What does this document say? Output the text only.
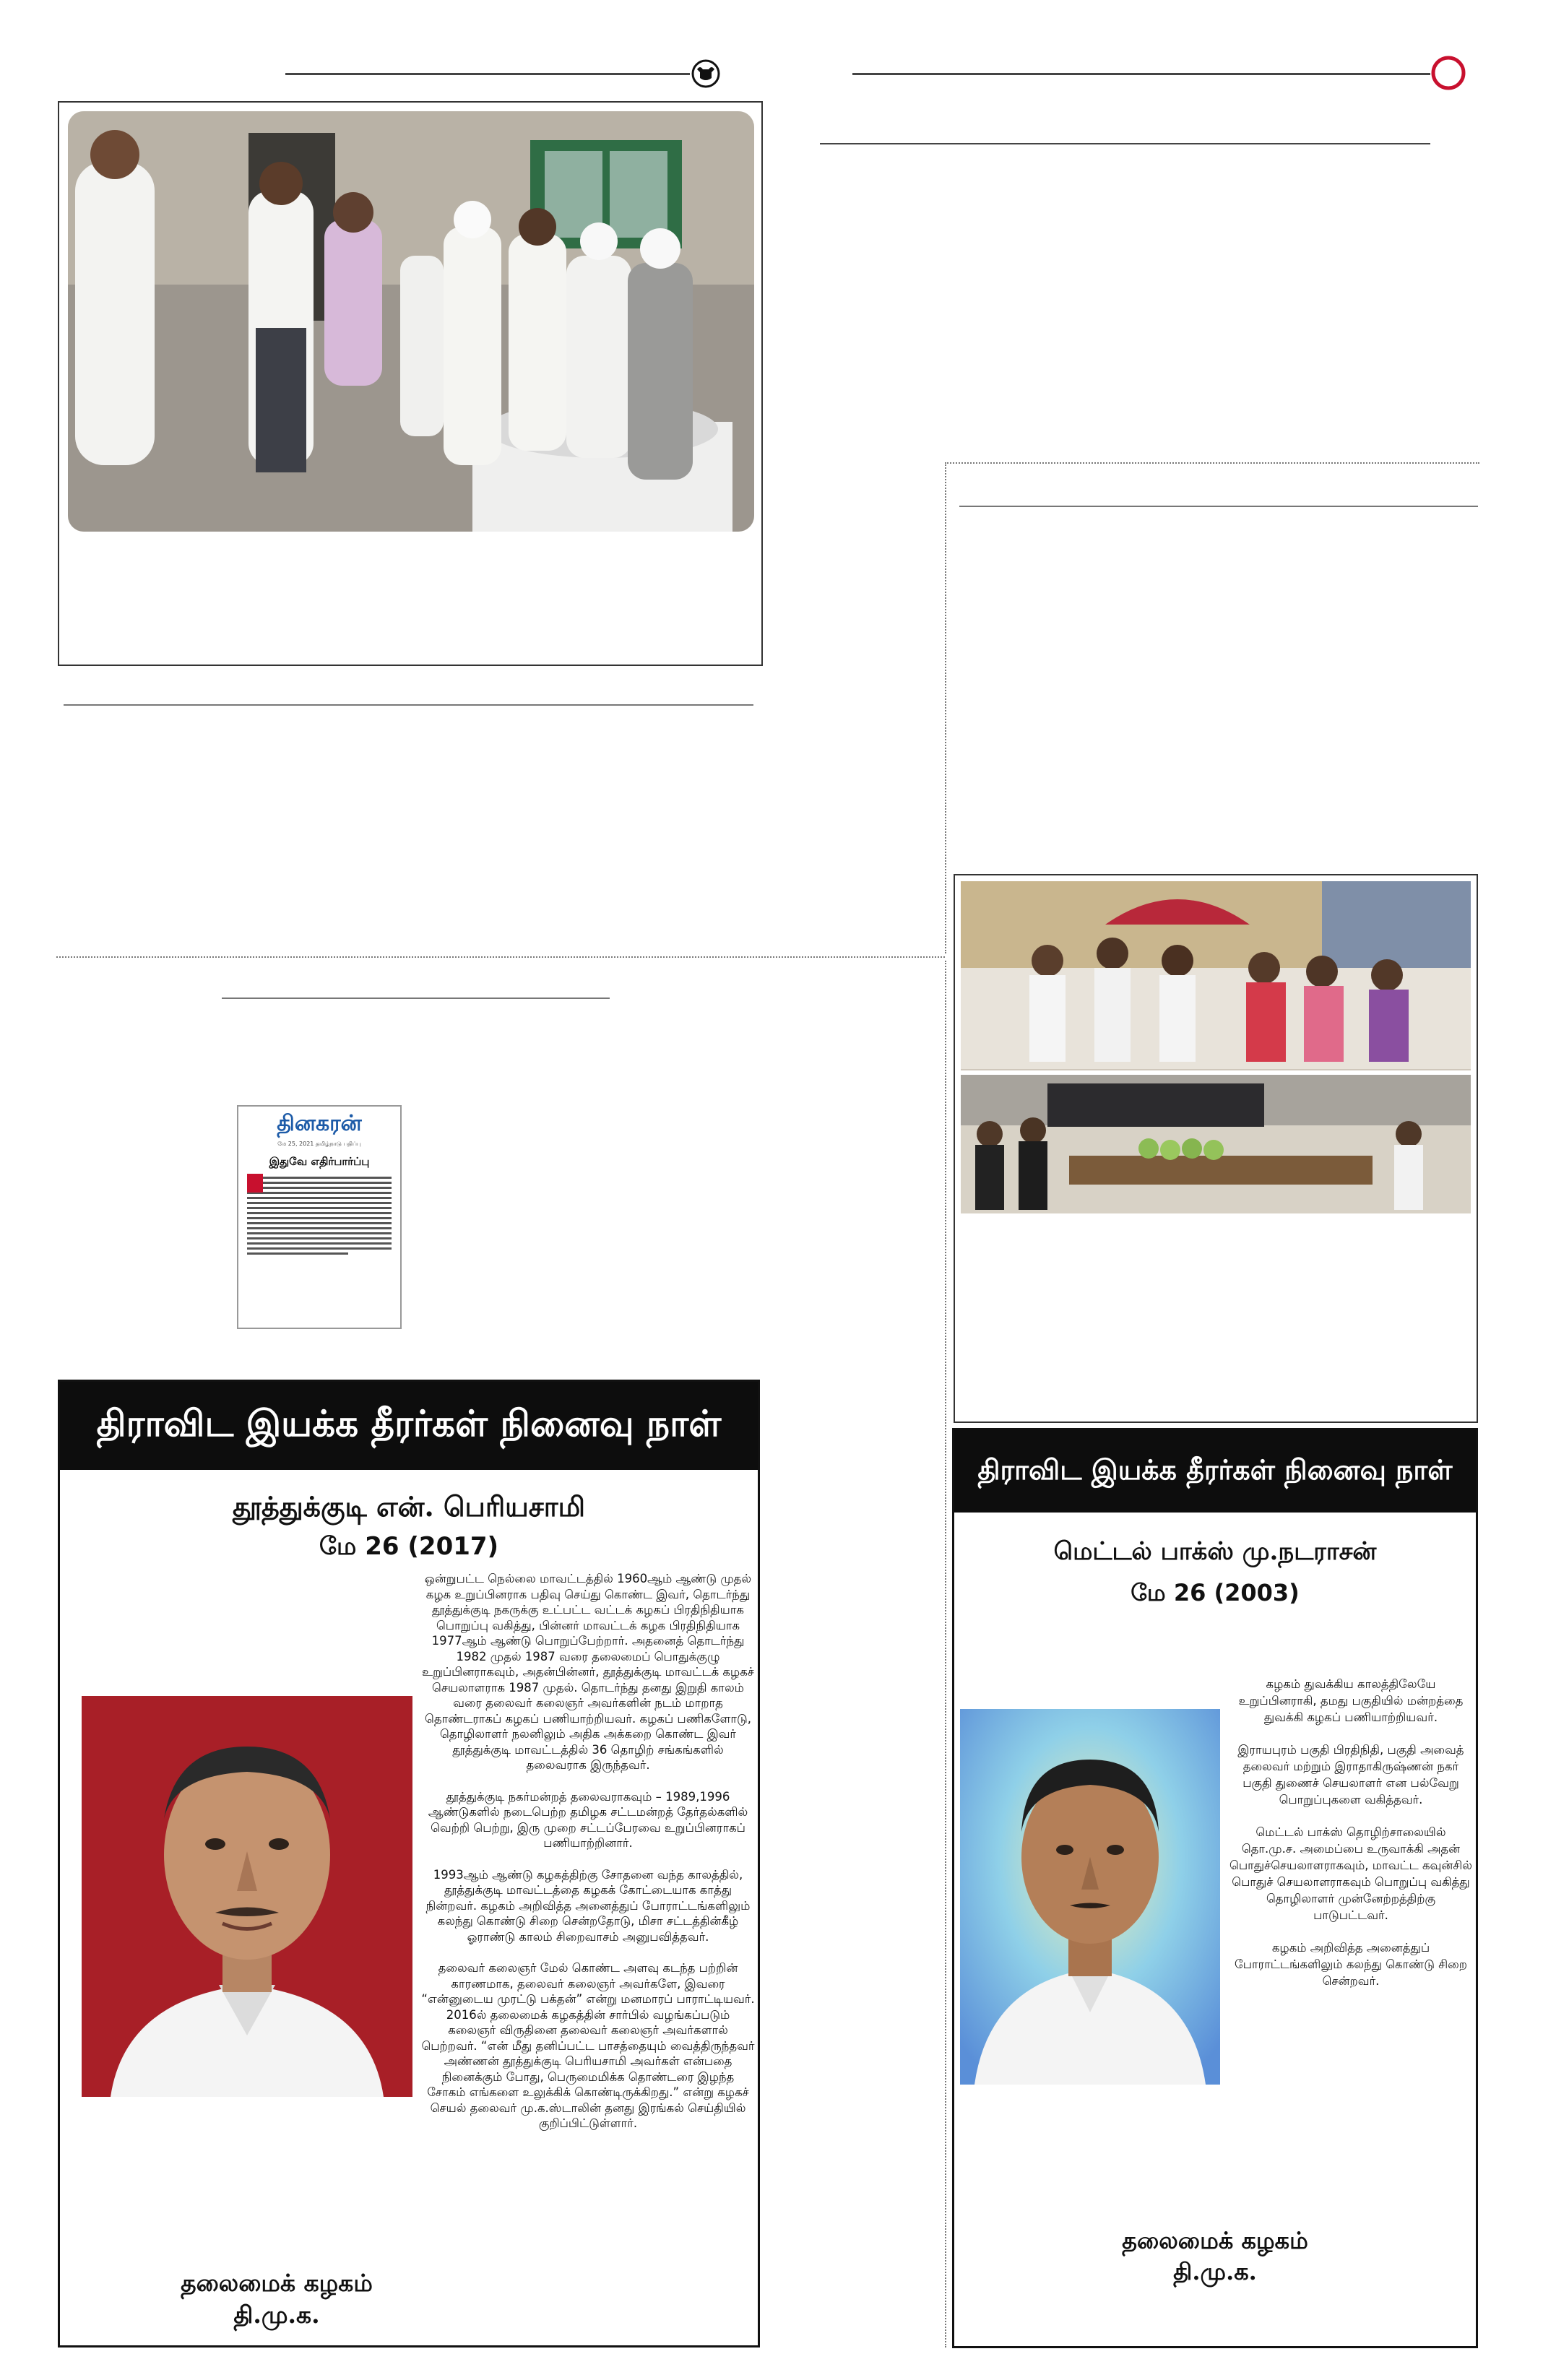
தினகரன்
மே 25, 2021 தமிழ்நாடு பதிப்பு
இதுவே எதிர்பார்ப்பு
திராவிட இயக்க தீரர்கள் நினைவு நாள்
தூத்துக்குடி என். பெரியசாமி
மே 26 (2017)

ஒன்றுபட்ட நெல்லை மாவட்டத்தில் 1960ஆம் ஆண்டு முதல் கழக உறுப்பினராக பதிவு செய்து கொண்ட இவர், தொடர்ந்து தூத்துக்குடி நகருக்கு உட்பட்ட வட்டக் கழகப் பிரதிநிதியாக பொறுப்பு வகித்து, பின்னர் மாவட்டக் கழக பிரதிநிதியாக 1977ஆம் ஆண்டு பொறுப்பேற்றார். அதனைத் தொடர்ந்து 1982 முதல் 1987 வரை தலைமைப் பொதுக்குழு உறுப்பினராகவும், அதன்பின்னர், தூத்துக்குடி மாவட்டக் கழகச் செயலாளராக 1987 முதல். தொடர்ந்து தனது இறுதி காலம் வரை தலைவர் கலைஞர் அவர்களின் நடம் மாறாத தொண்டராகப் கழகப் பணியாற்றியவர். கழகப் பணிகளோடு, தொழிலாளர் நலனிலும் அதிக அக்கறை கொண்ட இவர் தூத்துக்குடி மாவட்டத்தில் 36 தொழிற் சங்கங்களில் தலைவராக இருந்தவர்.

தூத்துக்குடி நகர்மன்றத் தலைவராகவும் – 1989,1996 ஆண்டுகளில் நடைபெற்ற தமிழக சட்டமன்றத் தேர்தல்களில் வெற்றி பெற்று, இரு முறை சட்டப்பேரவை உறுப்பினராகப் பணியாற்றினார்.

1993ஆம் ஆண்டு கழகத்திற்கு சோதனை வந்த காலத்தில், தூத்துக்குடி மாவட்டத்தை கழகக் கோட்டையாக காத்து நின்றவர். கழகம் அறிவித்த அனைத்துப் போராட்டங்களிலும் கலந்து கொண்டு சிறை சென்றதோடு, மிசா சட்டத்தின்கீழ் ஓராண்டு காலம் சிறைவாசம் அனுபவித்தவர்.

தலைவர் கலைஞர் மேல் கொண்ட அளவு கடந்த பற்றின் காரணமாக, தலைவர் கலைஞர் அவர்களே, இவரை “என்னுடைய முரட்டு பக்தன்” என்று மனமாரப் பாராட்டியவர். 2016ல் தலைமைக் கழகத்தின் சார்பில் வழங்கப்படும் கலைஞர் விருதினை தலைவர் கலைஞர் அவர்களால் பெற்றவர். “என் மீது தனிப்பட்ட பாசத்தையும் வைத்திருந்தவர் அண்ணன் தூத்துக்குடி பெரியசாமி அவர்கள் என்பதை நினைக்கும் போது, பெருமைமிக்க தொண்டரை இழந்த சோகம் எங்களை உலுக்கிக் கொண்டிருக்கிறது.” என்று கழகச் செயல் தலைவர் மு.க.ஸ்டாலின் தனது இரங்கல் செய்தியில் குறிப்பிட்டுள்ளார்.

தலைமைக் கழகம்
தி.மு.க.
திராவிட இயக்க தீரர்கள் நினைவு நாள்
மெட்டல் பாக்ஸ் மு.நடராசன்
மே 26 (2003)

கழகம் துவக்கிய காலத்திலேயே உறுப்பினராகி, தமது பகுதியில் மன்றத்தை துவக்கி கழகப் பணியாற்றியவர்.

இராயபுரம் பகுதி பிரதிநிதி, பகுதி அவைத் தலைவர் மற்றும் இராதாகிருஷ்ணன் நகர் பகுதி துணைச் செயலாளர் என பல்வேறு பொறுப்புகளை வகித்தவர்.

மெட்டல் பாக்ஸ் தொழிற்சாலையில் தொ.மு.ச. அமைப்பை உருவாக்கி அதன் பொதுச்செயலாளராகவும், மாவட்ட கவுன்சில் பொதுச் செயலாளராகவும் பொறுப்பு வகித்து தொழிலாளர் முன்னேற்றத்திற்கு பாடுபட்டவர்.

கழகம் அறிவித்த அனைத்துப் போராட்டங்களிலும் கலந்து கொண்டு சிறை சென்றவர்.

தலைமைக் கழகம்
தி.மு.க.
